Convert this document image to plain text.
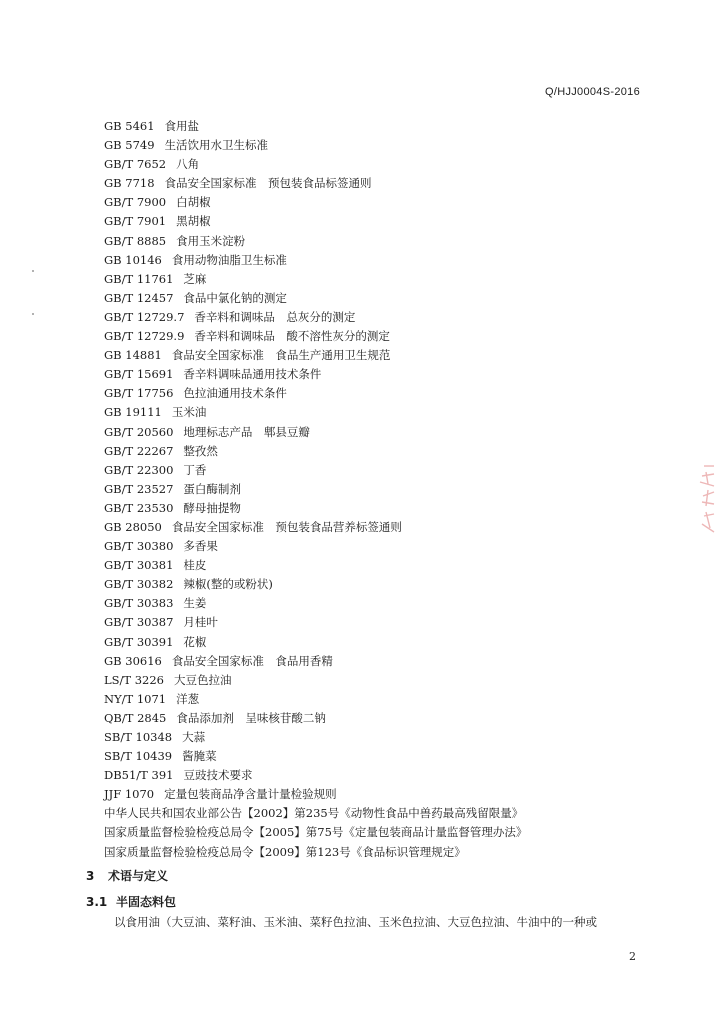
Q/HJJ0004S-2016
GB 5461 食用盐
GB 5749 生活饮用水卫生标准
GB/T 7652 八角
GB 7718 食品安全国家标准　预包装食品标签通则
GB/T 7900 白胡椒
GB/T 7901 黑胡椒
GB/T 8885 食用玉米淀粉
GB 10146 食用动物油脂卫生标准
GB/T 11761 芝麻
GB/T 12457 食品中氯化钠的测定
GB/T 12729.7 香辛料和调味品　总灰分的测定
GB/T 12729.9 香辛料和调味品　酸不溶性灰分的测定
GB 14881 食品安全国家标准　食品生产通用卫生规范
GB/T 15691 香辛料调味品通用技术条件
GB/T 17756 色拉油通用技术条件
GB 19111 玉米油
GB/T 20560 地理标志产品　郫县豆瓣
GB/T 22267 整孜然
GB/T 22300 丁香
GB/T 23527 蛋白酶制剂
GB/T 23530 酵母抽提物
GB 28050 食品安全国家标准　预包装食品营养标签通则
GB/T 30380 多香果
GB/T 30381 桂皮
GB/T 30382 辣椒(整的或粉状)
GB/T 30383 生姜
GB/T 30387 月桂叶
GB/T 30391 花椒
GB 30616 食品安全国家标准　食品用香精
LS/T 3226 大豆色拉油
NY/T 1071 洋葱
QB/T 2845 食品添加剂　呈味核苷酸二钠
SB/T 10348 大蒜
SB/T 10439 酱腌菜
DB51/T 391 豆豉技术要求
JJF 1070 定量包装商品净含量计量检验规则
中华人民共和国农业部公告【2002】第235号《动物性食品中兽药最高残留限量》
国家质量监督检验检疫总局令【2005】第75号《定量包装商品计量监督管理办法》
国家质量监督检验检疫总局令【2009】第123号《食品标识管理规定》
3 术语与定义
3.1 半固态料包
以食用油（大豆油、菜籽油、玉米油、菜籽色拉油、玉米色拉油、大豆色拉油、牛油中的一种或
2
